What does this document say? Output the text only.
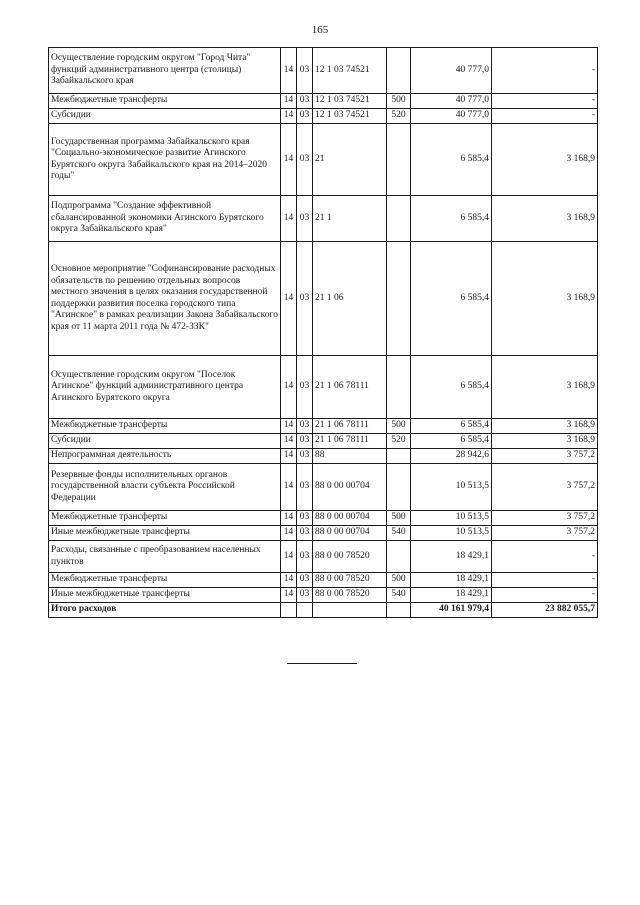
165
Осуществление городским округом "Город Чита" функций административного центра (столицы) Забайкальского края	14	03	12 1 03 74521		40 777,0	-
Межбюджетные трансферты	14	03	12 1 03 74521	500	40 777,0	-
Субсидии	14	03	12 1 03 74521	520	40 777,0	-
Государственная программа Забайкальского края "Социально-экономическое развитие Агинского Бурятского округа Забайкальского края на 2014–2020 годы"	14	03	21		6 585,4	3 168,9
Подпрограмма "Создание эффективной сбалансированной экономики Агинского Бурятского округа Забайкальского края"	14	03	21 1		6 585,4	3 168,9
Основное мероприятие "Софинансирование расходных обязательств по решению отдельных вопросов местного значения в целях оказания государственной поддержки развития поселка городского типа "Агинское" в рамках реализации Закона Забайкальского края от 11 марта 2011 года № 472-ЗЗК"	14	03	21 1 06		6 585,4	3 168,9
Осуществление городским округом "Поселок Агинское" функций административного центра Агинского Бурятского округа	14	03	21 1 06 78111		6 585,4	3 168,9
Межбюджетные трансферты	14	03	21 1 06 78111	500	6 585,4	3 168,9
Субсидии	14	03	21 1 06 78111	520	6 585,4	3 168,9
Непрограммная деятельность	14	03	88		28 942,6	3 757,2
Резервные фонды исполнительных органов государственной власти субъекта Российской Федерации	14	03	88 0 00 00704		10 513,5	3 757,2
Межбюджетные трансферты	14	03	88 0 00 00704	500	10 513,5	3 757,2
Иные межбюджетные трансферты	14	03	88 0 00 00704	540	10 513,5	3 757,2
Расходы, связанные с преобразованием населенных пунктов	14	03	88 0 00 78520		18 429,1	-
Межбюджетные трансферты	14	03	88 0 00 78520	500	18 429,1	-
Иные межбюджетные трансферты	14	03	88 0 00 78520	540	18 429,1	-
Итого расходов					40 161 979,4	23 882 055,7
